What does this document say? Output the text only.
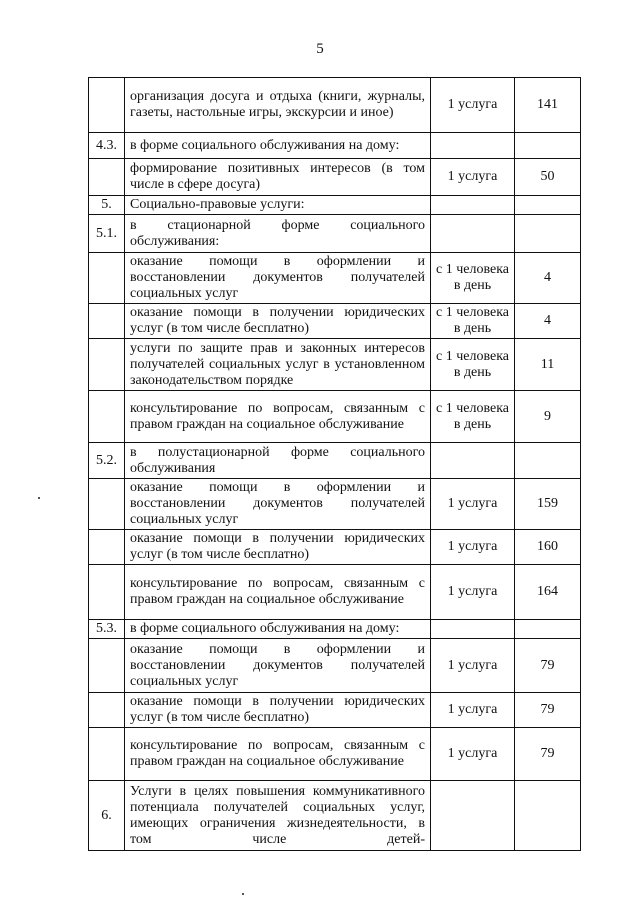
5
	организация досуга и отдыха (книги, журналы, газеты, настольные игры, экскурсии и иное)	1 услуга	141
4.3.	в форме социального обслуживания на дому:		
	формирование позитивных интересов (в том числе в сфере досуга)	1 услуга	50
5.	Социально-правовые услуги:		
5.1.	в стационарной форме социального обслуживания:		
	оказание помощи в оформлении и восстановлении документов получателей социальных услуг	с 1 человека в день	4
	оказание помощи в получении юридических услуг (в том числе бесплатно)	с 1 человека в день	4
	услуги по защите прав и законных интересов получателей социальных услуг в установленном законодательством порядке	с 1 человека в день	11
	консультирование по вопросам, связанным с правом граждан на социальное обслуживание	с 1 человека в день	9
5.2.	в полустационарной форме социального обслуживания		
	оказание помощи в оформлении и восстановлении документов получателей социальных услуг	1 услуга	159
	оказание помощи в получении юридических услуг (в том числе бесплатно)	1 услуга	160
	консультирование по вопросам, связанным с правом граждан на социальное обслуживание	1 услуга	164
5.3.	в форме социального обслуживания на дому:		
	оказание помощи в оформлении и восстановлении документов получателей социальных услуг	1 услуга	79
	оказание помощи в получении юридических услуг (в том числе бесплатно)	1 услуга	79
	консультирование по вопросам, связанным с правом граждан на социальное обслуживание	1 услуга	79
6.	Услуги в целях повышения коммуникативного потенциала получателей социальных услуг, имеющих ограничения жизнедеятельности, в том числе детей-		
